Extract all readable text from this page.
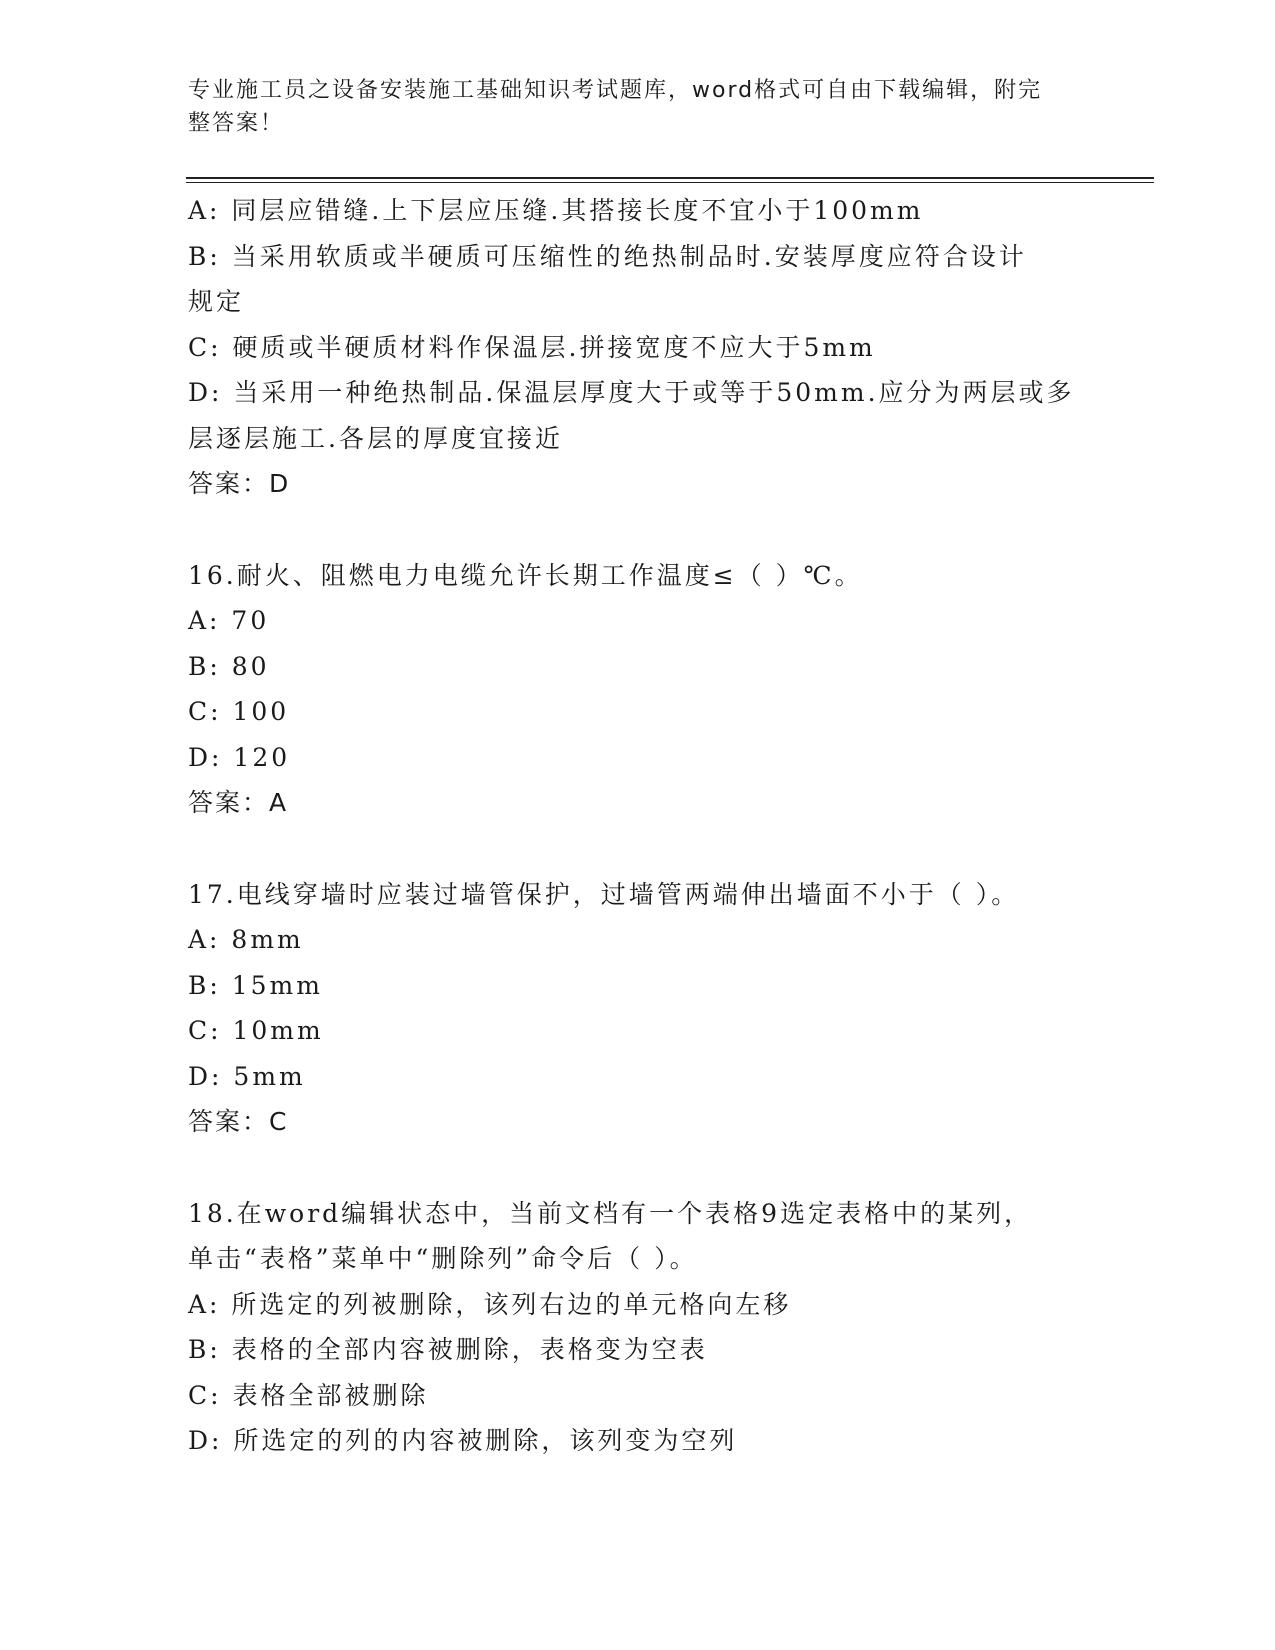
专业施工员之设备安装施工基础知识考试题库，word格式可自由下载编辑，附完
整答案！
A: 同层应错缝.上下层应压缝.其搭接长度不宜小于100mm
B: 当采用软质或半硬质可压缩性的绝热制品时.安装厚度应符合设计
规定
C: 硬质或半硬质材料作保温层.拼接宽度不应大于5mm
D: 当采用一种绝热制品.保温层厚度大于或等于50mm.应分为两层或多
层逐层施工.各层的厚度宜接近
答案：D
16.耐火、阻燃电力电缆允许长期工作温度≤（ ）℃。
A: 70
B: 80
C: 100
D: 120
答案：A
17.电线穿墙时应装过墙管保护，过墙管两端伸出墙面不小于（ ）。
A: 8mm
B: 15mm
C: 10mm
D: 5mm
答案：C
18.在word编辑状态中，当前文档有一个表格9选定表格中的某列，
单击“表格”菜单中“删除列”命令后（ ）。
A: 所选定的列被删除，该列右边的单元格向左移
B: 表格的全部内容被删除，表格变为空表
C: 表格全部被删除
D: 所选定的列的内容被删除，该列变为空列
